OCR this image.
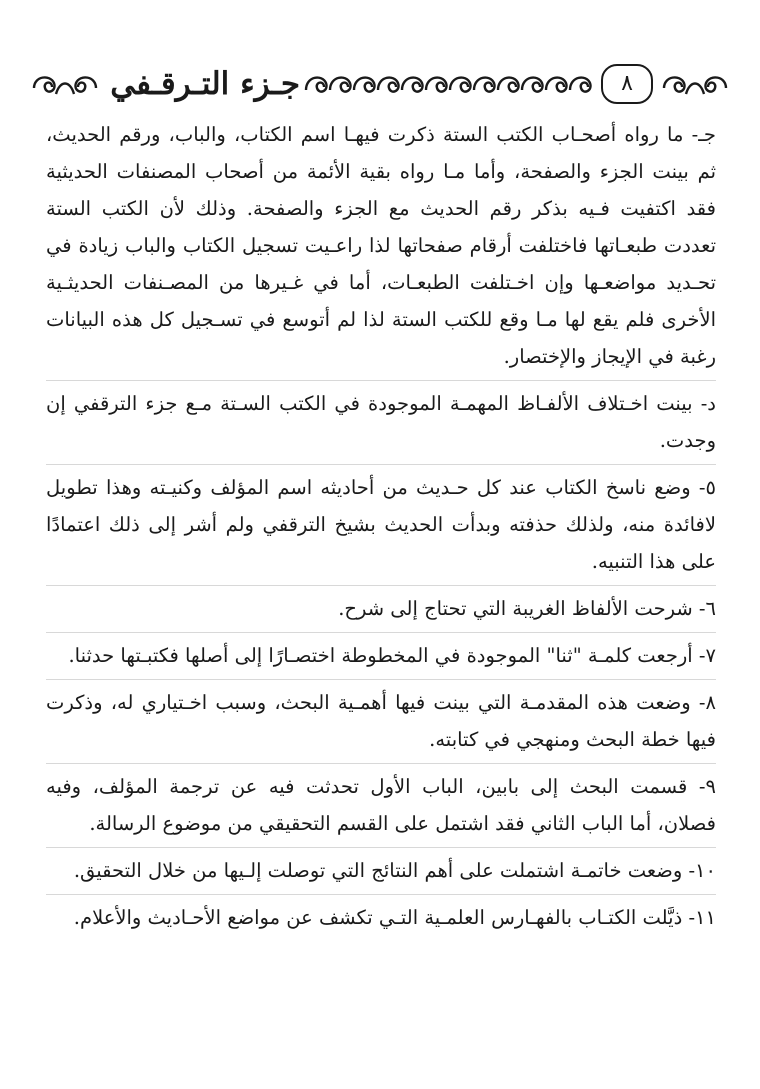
جـزء التـرقـفي	٨

جـ- ما رواه أصحـاب الكتب الستة ذكرت فيهـا اسم الكتاب، والباب، ورقم الحديث، ثم بينت الجزء والصفحة، وأما مـا رواه بقية الأئمة من أصحاب المصنفات الحديثية فقد اكتفيت فـيه بذكر رقم الحديث مع الجزء والصفحة. وذلك لأن الكتب الستة تعددت طبعـاتها فاختلفت أرقام صفحاتها لذا راعـيت تسجيل الكتاب والباب زيادة في تحـديد مواضعـها وإن اخـتلفت الطبعـات، أما في غـيرها من المصـنفات الحديثـية الأخرى فلم يقع لها مـا وقع للكتب الستة لذا لم أتوسع في تسـجيل كل هذه البيانات رغبة في الإيجاز والإختصار.

د- بينت اخـتلاف الألفـاظ المهمـة الموجودة في الكتب السـتة مـع جزء الترقفي إن وجدت.

٥- وضع ناسخ الكتاب عند كل حـديث من أحاديثه اسم المؤلف وكنيـته وهذا تطويل لافائدة منه، ولذلك حذفته وبدأت الحديث بشيخ الترقفي ولم أشر إلى ذلك اعتمادًا على هذا التنبيه.

٦- شرحت الألفاظ الغريبة التي تحتاج إلى شرح.

٧- أرجعت كلمـة "ثنا" الموجودة في المخطوطة اختصـارًا إلى أصلها فكتبـتها حدثنا.

٨- وضعت هذه المقدمـة التي بينت فيها أهمـية البحث، وسبب اخـتياري له، وذكرت فيها خطة البحث ومنهجي في كتابته.

٩- قسمت البحث إلى بابين، الباب الأول تحدثت فيه عن ترجمة المؤلف، وفيه فصلان، أما الباب الثاني فقد اشتمل على القسم التحقيقي من موضوع الرسالة.

١٠- وضعت خاتمـة اشتملت على أهم النتائج التي توصلت إلـيها من خلال التحقيق.

١١- ذيَّلت الكتـاب بالفهـارس العلمـية التـي تكشف عن مواضع الأحـاديث والأعلام.
